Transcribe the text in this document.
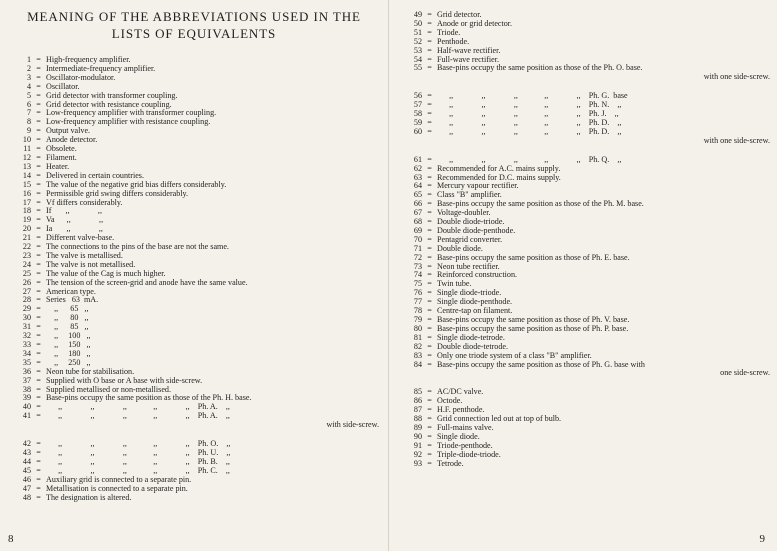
MEANING OF THE ABBREVIATIONS USED IN THE
LISTS OF EQUIVALENTS
1 = High-frequency amplifier.
2 = Intermediate-frequency amplifier.
3 = Oscillator-modulator.
4 = Oscillator.
5 = Grid detector with transformer coupling.
6 = Grid detector with resistance coupling.
7 = Low-frequency amplifier with transformer coupling.
8 = Low-frequency amplifier with resistance coupling.
9 = Output valve.
10 = Anode detector.
11 = Obsolete.
12 = Filament.
13 = Heater.
14 = Delivered in certain countries.
15 = The value of the negative grid bias differs considerably.
16 = Permissible grid swing differs considerably.
17 = Vf differs considerably.
18 = If       ,,              ,,
19 = Va      ,,              ,,
20 = Ia       ,,              ,,
21 = Different valve-base.
22 = The connections to the pins of the base are not the same.
23 = The valve is metallised.
24 = The valve is not metallised.
25 = The value of the Cag is much higher.
26 = The tension of the screen-grid and anode have the same value.
27 = American type.
28 = Series   63  mA.
29 = ,,      65   ,,
30 = ,,      80   ,,
31 = ,,      85   ,,
32 = ,,     100   ,,
33 = ,,     150   ,,
34 = ,,     180   ,,
35 = ,,     250   ,,
36 = Neon tube for stabilisation.
37 = Supplied with O base or A base with side-screw.
38 = Supplied metallised or non-metallised.
39 = Base-pins occupy the same position as those of the Ph. H. base.
40 = ,,              ,,              ,,             ,,              ,,    Ph. A.    ,,
41 = ,,              ,,              ,,             ,,              ,,    Ph. A.    ,,
with side-screw.
42 = ,,              ,,              ,,             ,,              ,,    Ph. O.    ,,
43 = ,,              ,,              ,,             ,,              ,,    Ph. U.    ,,
44 = ,,              ,,              ,,             ,,              ,,    Ph. B.    ,,
45 = ,,              ,,              ,,             ,,              ,,    Ph. C.    ,,
46 = Auxiliary grid is connected to a separate pin.
47 = Metallisation is connected to a separate pin.
48 = The designation is altered.
8
49 = Grid detector.
50 = Anode or grid detector.
51 = Triode.
52 = Penthode.
53 = Half-wave rectifier.
54 = Full-wave rectifier.
55 = Base-pins occupy the same position as those of the Ph. O. base.
with one side-screw.
56 = ,,              ,,              ,,             ,,              ,,    Ph. G.  base
57 = ,,              ,,              ,,             ,,              ,,    Ph. N.    ,,
58 = ,,              ,,              ,,             ,,              ,,    Ph. J.    ,,
59 = ,,              ,,              ,,             ,,              ,,    Ph. D.    ,,
60 = ,,              ,,              ,,             ,,              ,,    Ph. D.    ,,
with one side-screw.
61 = ,,              ,,              ,,             ,,              ,,    Ph. Q.    ,,
62 = Recommended for A.C. mains supply.
63 = Recommended for D.C. mains supply.
64 = Mercury vapour rectifier.
65 = Class "B" amplifier.
66 = Base-pins occupy the same position as those of the Ph. M. base.
67 = Voltage-doubler.
68 = Double diode-triode.
69 = Double diode-penthode.
70 = Pentagrid converter.
71 = Double diode.
72 = Base-pins occupy the same position as those of Ph. E. base.
73 = Neon tube rectifier.
74 = Reinforced construction.
75 = Twin tube.
76 = Single diode-triode.
77 = Single diode-penthode.
78 = Centre-tap on filament.
79 = Base-pins occupy the same position as those of Ph. V. base.
80 = Base-pins occupy the same position as those of Ph. P. base.
81 = Single diode-tetrode.
82 = Double diode-tetrode.
83 = Only one triode system of a class "B" amplifier.
84 = Base-pins occupy the same position as those of Ph. G. base with
one side-screw.
85 = AC/DC valve.
86 = Octode.
87 = H.F. penthode.
88 = Grid connection led out at top of bulb.
89 = Full-mains valve.
90 = Single diode.
91 = Triode-penthode.
92 = Triple-diode-triode.
93 = Tetrode.
9
